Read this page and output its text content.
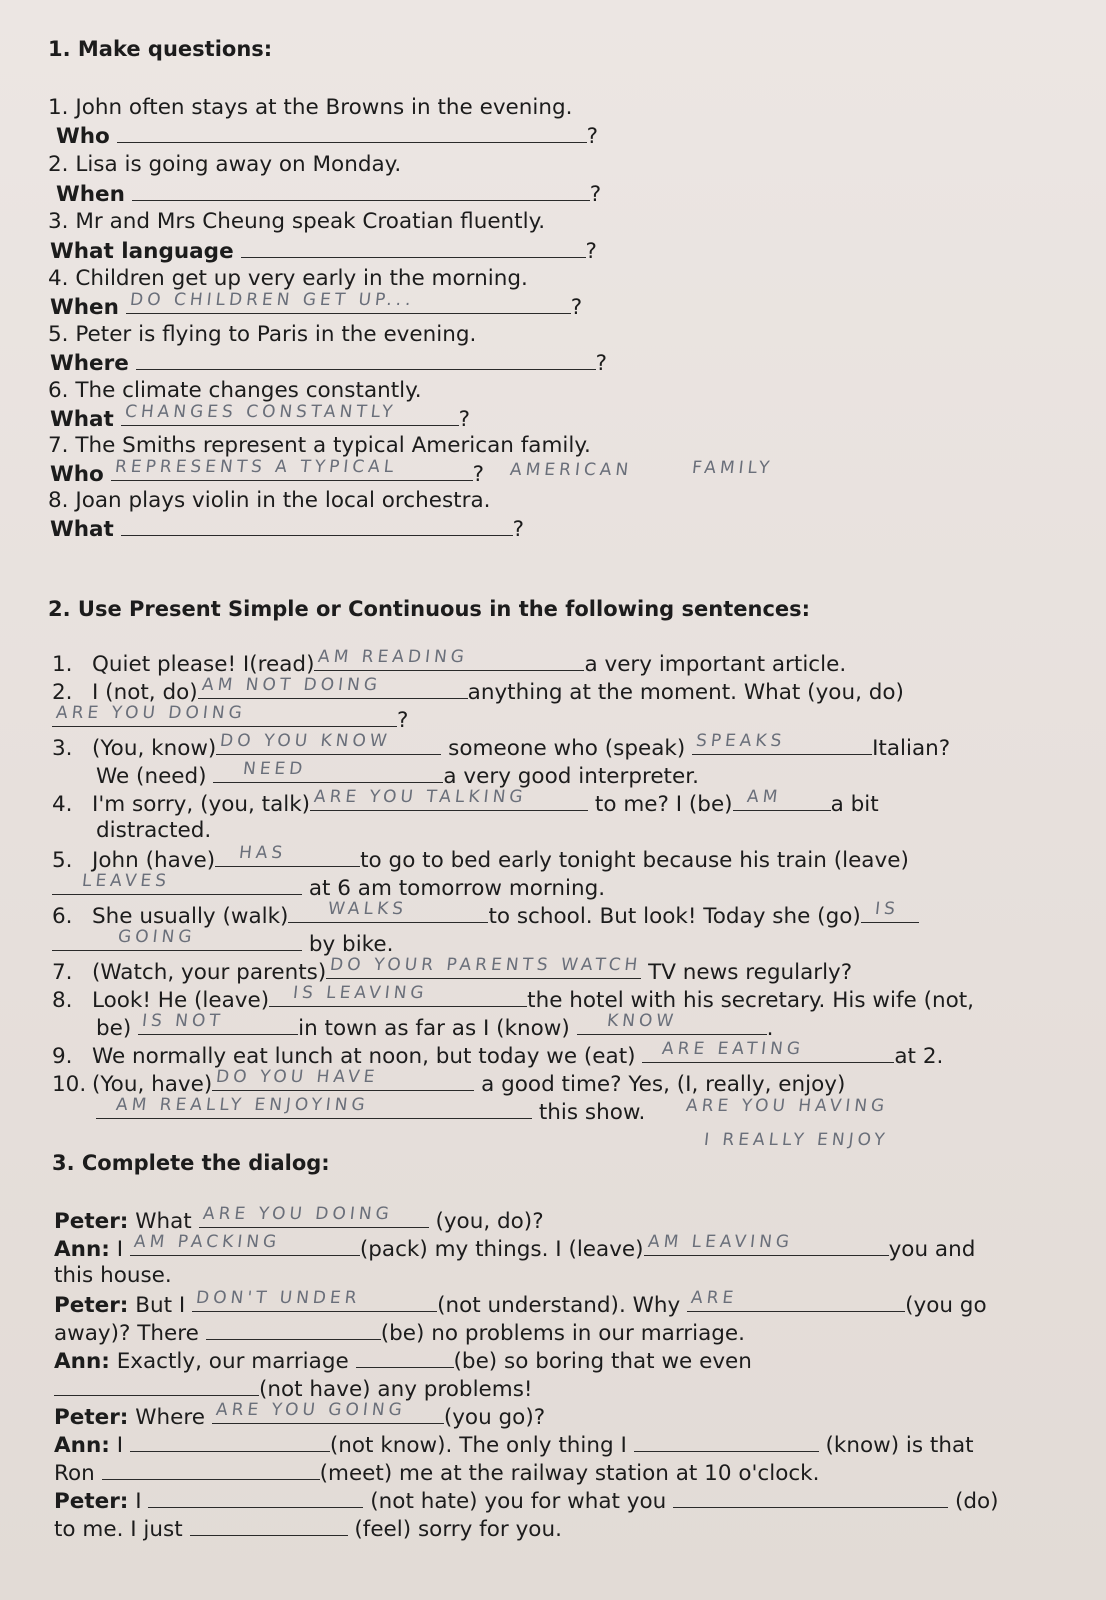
1. Make questions:
1. John often stays at the Browns in the evening.
Who	?
2. Lisa is going away on Monday.
When	?
3. Mr and Mrs Cheung speak Croatian fluently.
What language	?
4. Children get up very early in the morning.
When DO CHILDREN GET UP...	?
5. Peter is flying to Paris in the evening.
Where	?
6. The climate changes constantly.
What CHANGES CONSTANTLY	?
7. The Smiths represent a typical American family.
Who REPRESENTS A TYPICAL	? AMERICAN	FAMILY
8. Joan plays violin in the local orchestra.
What	?
2. Use Present Simple or Continuous in the following sentences:
1. Quiet please! I(read) AM READING	a very important article.
2. I (not, do) AM NOT DOING	anything at the moment. What (you, do)
ARE YOU DOING	?
3. (You, know) DO YOU KNOW	someone who (speak) SPEAKS	Italian?
We (need) NEED	a very good interpreter.
4. I'm sorry, (you, talk) ARE YOU TALKING	to me? I (be) AM a bit
distracted.
5. John (have) HAS	to go to bed early tonight because his train (leave)
LEAVES	at 6 am tomorrow morning.
6. She usually (walk) WALKS	to school. But look! Today she (go) IS
GOING	by bike.
7. (Watch, your parents) DO YOUR PARENTS WATCH TV news regularly?
8. Look! He (leave) IS LEAVING	the hotel with his secretary. His wife (not,
be) IS NOT	in town as far as I (know) KNOW	.
9. We normally eat lunch at noon, but today we (eat) ARE EATING	at 2.
10. (You, have) DO YOU HAVE	a good time? Yes, (I, really, enjoy)
AM REALLY ENJOYING	this show. ARE YOU HAVING
I REALLY ENJOY
3. Complete the dialog:
Peter: What ARE YOU DOING (you, do)?
Ann: I AM PACKING	(pack) my things. I (leave) AM LEAVING	you and
this house.
Peter: But I DON'T UNDER	(not understand). Why ARE	(you go
away)? There	(be) no problems in our marriage.
Ann: Exactly, our marriage	(be) so boring that we even
(not have) any problems!
Peter: Where ARE YOU GOING (you go)?
Ann: I	(not know). The only thing I	(know) is that
Ron	(meet) me at the railway station at 10 o'clock.
Peter: I	(not hate) you for what you	(do)
to me. I just	(feel) sorry for you.
